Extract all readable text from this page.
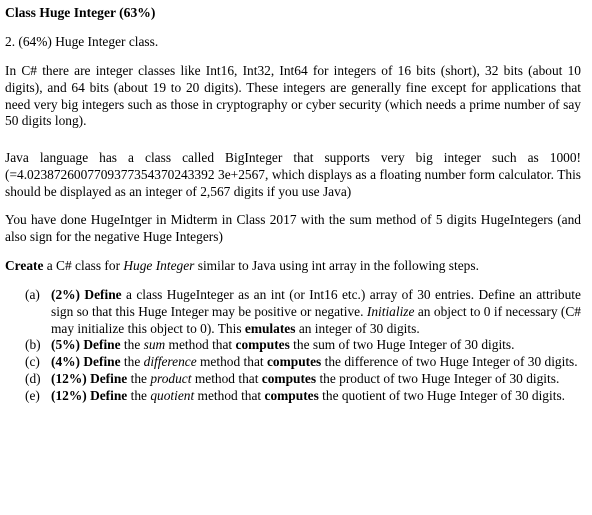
Class Huge Integer (63%)
2. (64%) Huge Integer class.
In C# there are integer classes like Int16, Int32, Int64 for integers of 16 bits (short), 32 bits (about 10 digits), and 64 bits (about 19 to 20 digits). These integers are generally fine except for applications that need very big integers such as those in cryptography or cyber security (which needs a prime number of say 50 digits long).
Java language has a class called BigInteger that supports very big integer such as 1000! (=4.0238726007709377354370243392 3e+2567, which displays as a floating number form calculator. This should be displayed as an integer of 2,567 digits if you use Java)
You have done HugeIntger in Midterm in Class 2017 with the sum method of 5 digits HugeIntegers (and also sign for the negative Huge Integers)
Create a C# class for Huge Integer similar to Java using int array in the following steps.
(a) (2%) Define a class HugeInteger as an int (or Int16 etc.) array of 30 entries. Define an attribute sign so that this Huge Integer may be positive or negative. Initialize an object to 0 if necessary (C# may initialize this object to 0). This emulates an integer of 30 digits.
(b) (5%) Define the sum method that computes the sum of two Huge Integer of 30 digits.
(c) (4%) Define the difference method that computes the difference of two Huge Integer of 30 digits.
(d) (12%) Define the product method that computes the product of two Huge Integer of 30 digits.
(e) (12%) Define the quotient method that computes the quotient of two Huge Integer of 30 digits.
